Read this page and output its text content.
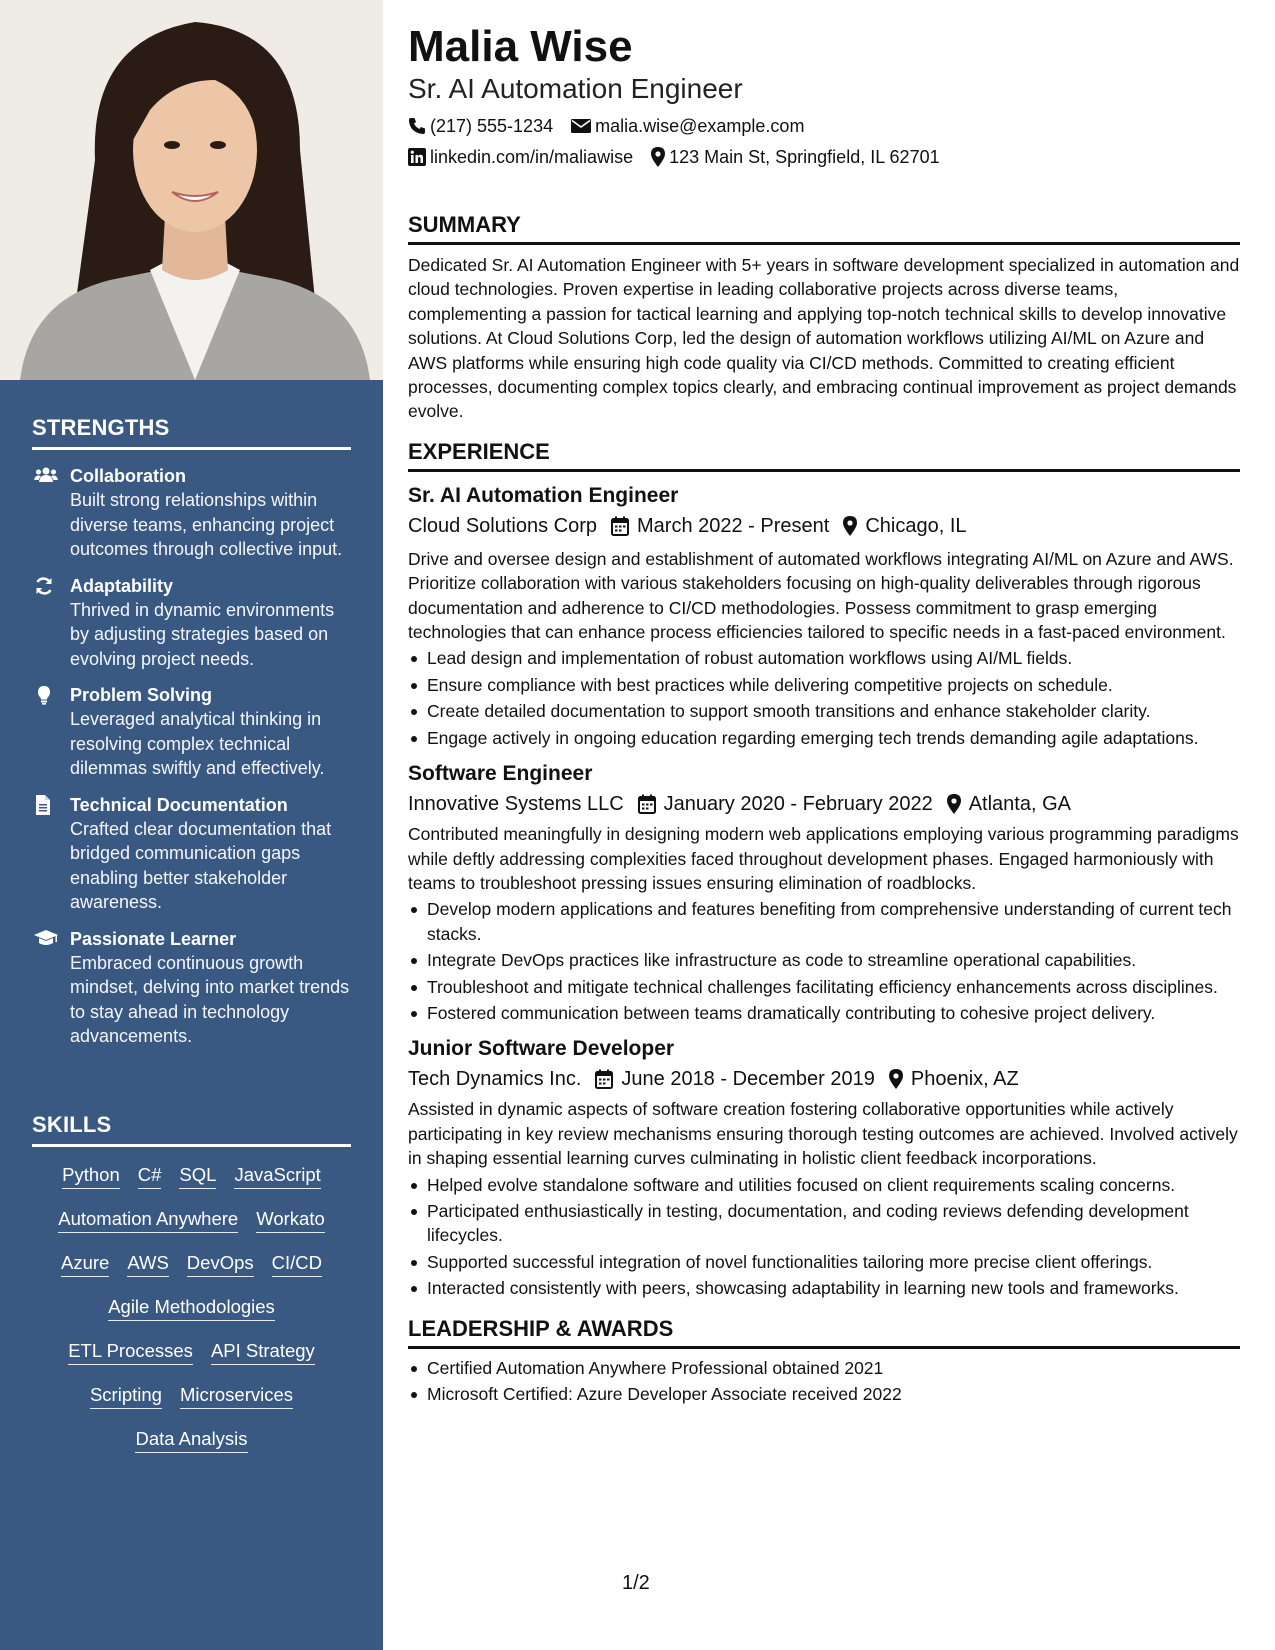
STRENGTHS
Collaboration
Built strong relationships within diverse teams, enhancing project outcomes through collective input.
Adaptability
Thrived in dynamic environments by adjusting strategies based on evolving project needs.
Problem Solving
Leveraged analytical thinking in resolving complex technical dilemmas swiftly and effectively.
Technical Documentation
Crafted clear documentation that bridged communication gaps enabling better stakeholder awareness.
Passionate Learner
Embraced continuous growth mindset, delving into market trends to stay ahead in technology advancements.
SKILLS
Python C# SQL JavaScript
Automation Anywhere Workato
Azure AWS DevOps CI/CD
Agile Methodologies
ETL Processes API Strategy
Scripting Microservices
Data Analysis
Malia Wise
Sr. AI Automation Engineer
(217) 555-1234 malia.wise@example.com
linkedin.com/in/maliawise 123 Main St, Springfield, IL 62701
SUMMARY
Dedicated Sr. AI Automation Engineer with 5+ years in software development specialized in automation and cloud technologies. Proven expertise in leading collaborative projects across diverse teams, complementing a passion for tactical learning and applying top-notch technical skills to develop innovative solutions. At Cloud Solutions Corp, led the design of automation workflows utilizing AI/ML on Azure and AWS platforms while ensuring high code quality via CI/CD methods. Committed to creating efficient processes, documenting complex topics clearly, and embracing continual improvement as project demands evolve.
EXPERIENCE
Sr. AI Automation Engineer
Cloud Solutions Corp March 2022 - Present Chicago, IL
Drive and oversee design and establishment of automated workflows integrating AI/ML on Azure and AWS. Prioritize collaboration with various stakeholders focusing on high-quality deliverables through rigorous documentation and adherence to CI/CD methodologies. Possess commitment to grasp emerging technologies that can enhance process efficiencies tailored to specific needs in a fast-paced environment.
Lead design and implementation of robust automation workflows using AI/ML fields.
Ensure compliance with best practices while delivering competitive projects on schedule.
Create detailed documentation to support smooth transitions and enhance stakeholder clarity.
Engage actively in ongoing education regarding emerging tech trends demanding agile adaptations.
Software Engineer
Innovative Systems LLC January 2020 - February 2022 Atlanta, GA
Contributed meaningfully in designing modern web applications employing various programming paradigms while deftly addressing complexities faced throughout development phases. Engaged harmoniously with teams to troubleshoot pressing issues ensuring elimination of roadblocks.
Develop modern applications and features benefiting from comprehensive understanding of current tech stacks.
Integrate DevOps practices like infrastructure as code to streamline operational capabilities.
Troubleshoot and mitigate technical challenges facilitating efficiency enhancements across disciplines.
Fostered communication between teams dramatically contributing to cohesive project delivery.
Junior Software Developer
Tech Dynamics Inc. June 2018 - December 2019 Phoenix, AZ
Assisted in dynamic aspects of software creation fostering collaborative opportunities while actively participating in key review mechanisms ensuring thorough testing outcomes are achieved. Involved actively in shaping essential learning curves culminating in holistic client feedback incorporations.
Helped evolve standalone software and utilities focused on client requirements scaling concerns.
Participated enthusiastically in testing, documentation, and coding reviews defending development lifecycles.
Supported successful integration of novel functionalities tailoring more precise client offerings.
Interacted consistently with peers, showcasing adaptability in learning new tools and frameworks.
LEADERSHIP & AWARDS
Certified Automation Anywhere Professional obtained 2021
Microsoft Certified: Azure Developer Associate received 2022
1/2
